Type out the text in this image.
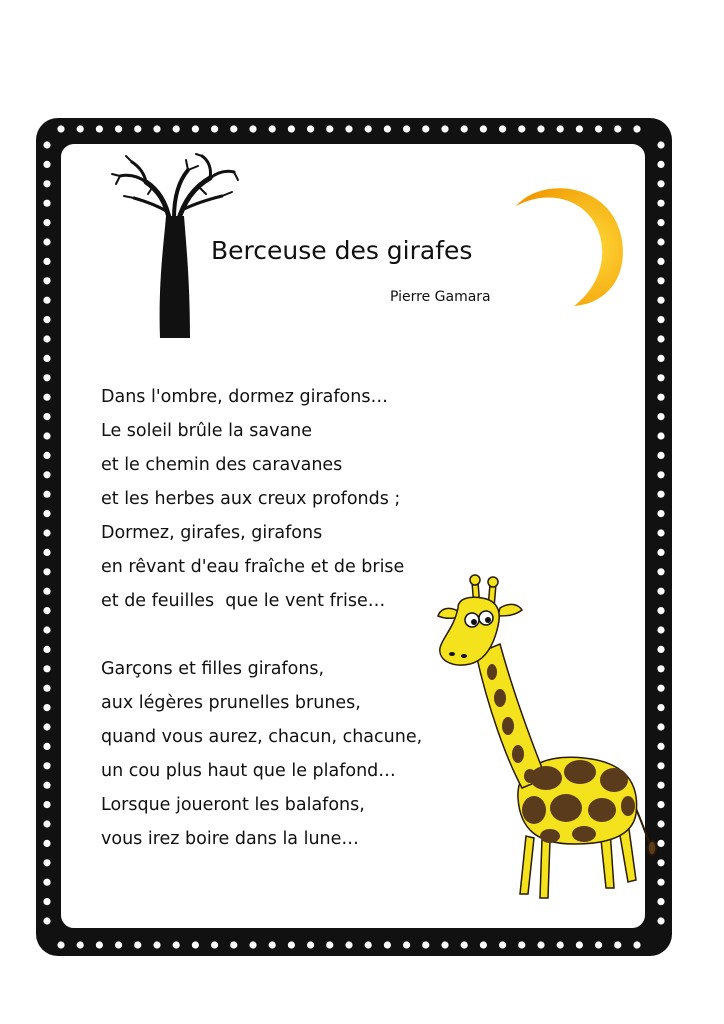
Berceuse des girafes
Pierre Gamara
Dans l'ombre, dormez girafons…
Le soleil brûle la savane
et le chemin des caravanes
et les herbes aux creux profonds ;
Dormez, girafes, girafons
en rêvant d'eau fraîche et de brise
et de feuilles  que le vent frise…
Garçons et filles girafons,
aux légères prunelles brunes,
quand vous aurez, chacun, chacune,
un cou plus haut que le plafond…
Lorsque joueront les balafons,
vous irez boire dans la lune…
